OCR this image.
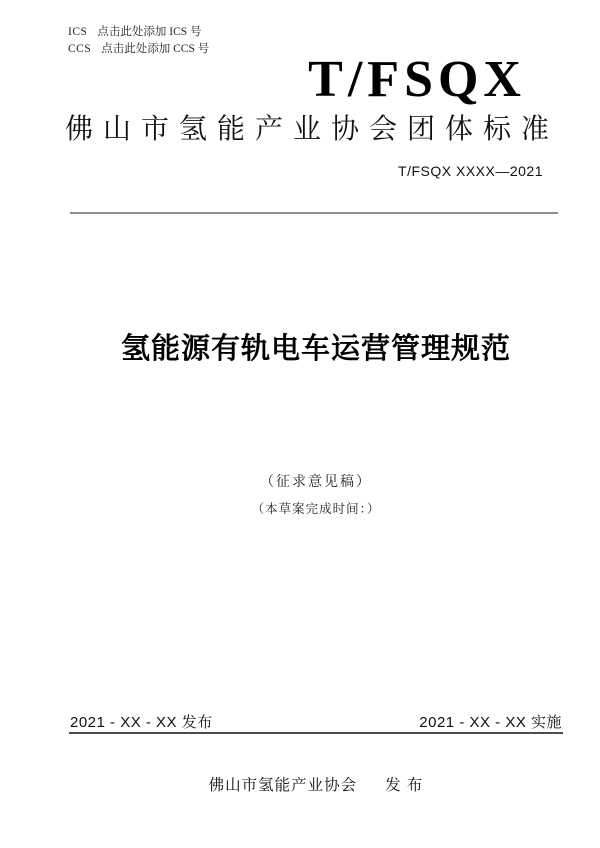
ICS 点击此处添加 ICS 号
CCS 点击此处添加 CCS 号
T/FSQX
佛山市氢能产业协会团体标准
T/FSQX XXXX—2021
氢能源有轨电车运营管理规范
（征求意见稿）
（本草案完成时间：）
2021 - XX - XX 发布	2021 - XX - XX 实施
佛山市氢能产业协会 发 布
